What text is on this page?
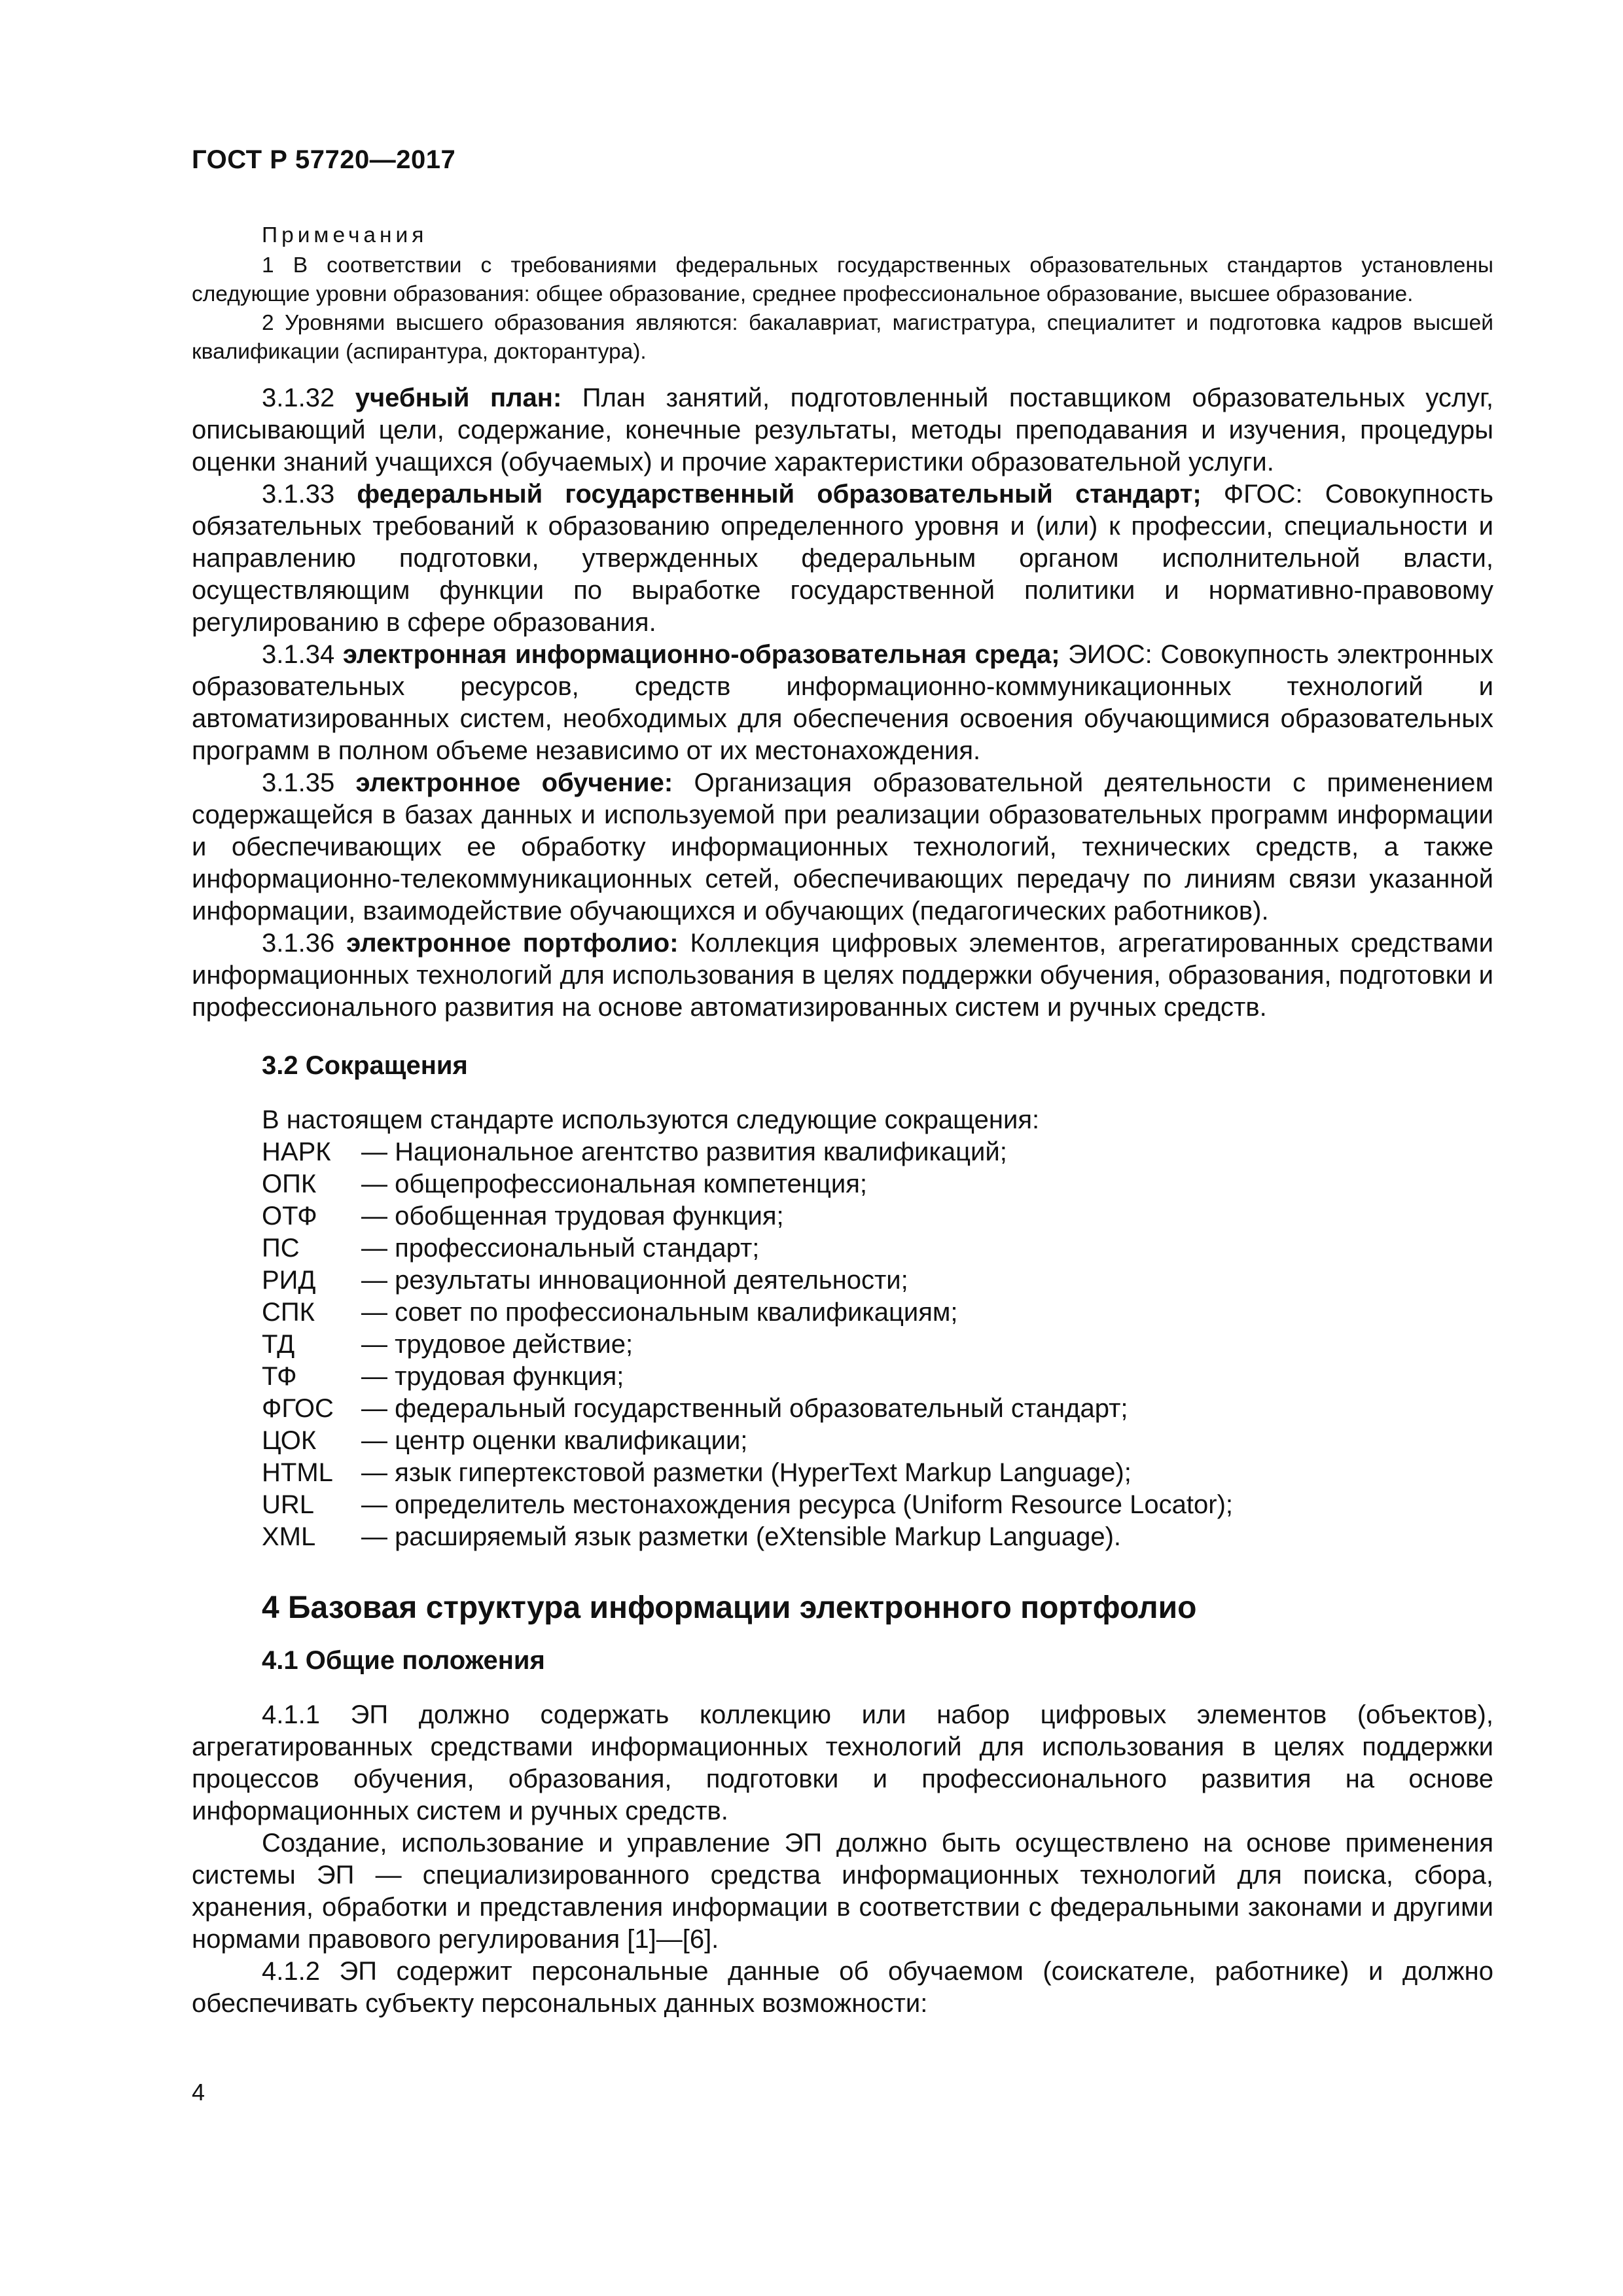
ГОСТ Р 57720—2017

Примечания

1 В соответствии с требованиями федеральных государственных образовательных стандартов установлены следующие уровни образования: общее образование, среднее профессиональное образование, высшее образование.

2 Уровнями высшего образования являются: бакалавриат, магистратура, специалитет и подготовка кадров высшей квалификации (аспирантура, докторантура).

3.1.32 учебный план: План занятий, подготовленный поставщиком образовательных услуг, описывающий цели, содержание, конечные результаты, методы преподавания и изучения, процедуры оценки знаний учащихся (обучаемых) и прочие характеристики образовательной услуги.

3.1.33 федеральный государственный образовательный стандарт; ФГОС: Совокупность обязательных требований к образованию определенного уровня и (или) к профессии, специальности и направлению подготовки, утвержденных федеральным органом исполнительной власти, осуществляющим функции по выработке государственной политики и нормативно-правовому регулированию в сфере образования.

3.1.34 электронная информационно-образовательная среда; ЭИОС: Совокупность электронных образовательных ресурсов, средств информационно-коммуникационных технологий и автоматизированных систем, необходимых для обеспечения освоения обучающимися образовательных программ в полном объеме независимо от их местонахождения.

3.1.35 электронное обучение: Организация образовательной деятельности с применением содержащейся в базах данных и используемой при реализации образовательных программ информации и обеспечивающих ее обработку информационных технологий, технических средств, а также информационно-телекоммуникационных сетей, обеспечивающих передачу по линиям связи указанной информации, взаимодействие обучающихся и обучающих (педагогических работников).

3.1.36 электронное портфолио: Коллекция цифровых элементов, агрегатированных средствами информационных технологий для использования в целях поддержки обучения, образования, подготовки и профессионального развития на основе автоматизированных систем и ручных средств.

3.2 Сокращения
В настоящем стандарте используются следующие сокращения:
НАРК	— Национальное агентство развития квалификаций;
ОПК	— общепрофессиональная компетенция;
ОТФ	— обобщенная трудовая функция;
ПС	— профессиональный стандарт;
РИД	— результаты инновационной деятельности;
СПК	— совет по профессиональным квалификациям;
ТД	— трудовое действие;
ТФ	— трудовая функция;
ФГОС	— федеральный государственный образовательный стандарт;
ЦОК	— центр оценки квалификации;
HTML	— язык гипертекстовой разметки (HyperText Markup Language);
URL	— определитель местонахождения ресурса (Uniform Resource Locator);
XML	— расширяемый язык разметки (eXtensible Markup Language).
4 Базовая структура информации электронного портфолио
4.1 Общие положения

4.1.1 ЭП должно содержать коллекцию или набор цифровых элементов (объектов), агрегатированных средствами информационных технологий для использования в целях поддержки процессов обучения, образования, подготовки и профессионального развития на основе информационных систем и ручных средств.

Создание, использование и управление ЭП должно быть осуществлено на основе применения системы ЭП — специализированного средства информационных технологий для поиска, сбора, хранения, обработки и представления информации в соответствии с федеральными законами и другими нормами правового регулирования [1]—[6].

4.1.2 ЭП содержит персональные данные об обучаемом (соискателе, работнике) и должно обеспечивать субъекту персональных данных возможности:

4
